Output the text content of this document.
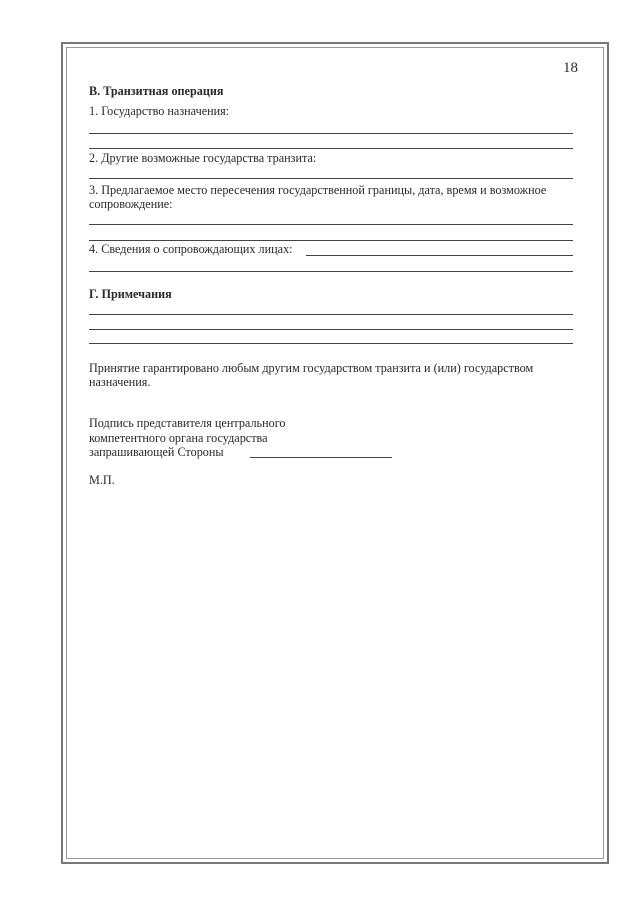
18
В. Транзитная операция
1. Государство назначения:
2. Другие возможные государства транзита:
3. Предлагаемое место пересечения государственной границы, дата, время и возможное
сопровождение:
4. Сведения о сопровождающих лицах:
Г. Примечания
Принятие гарантировано любым другим государством транзита и (или) государством
назначения.
Подпись представителя центрального
компетентного органа государства
запрашивающей Стороны
М.П.
